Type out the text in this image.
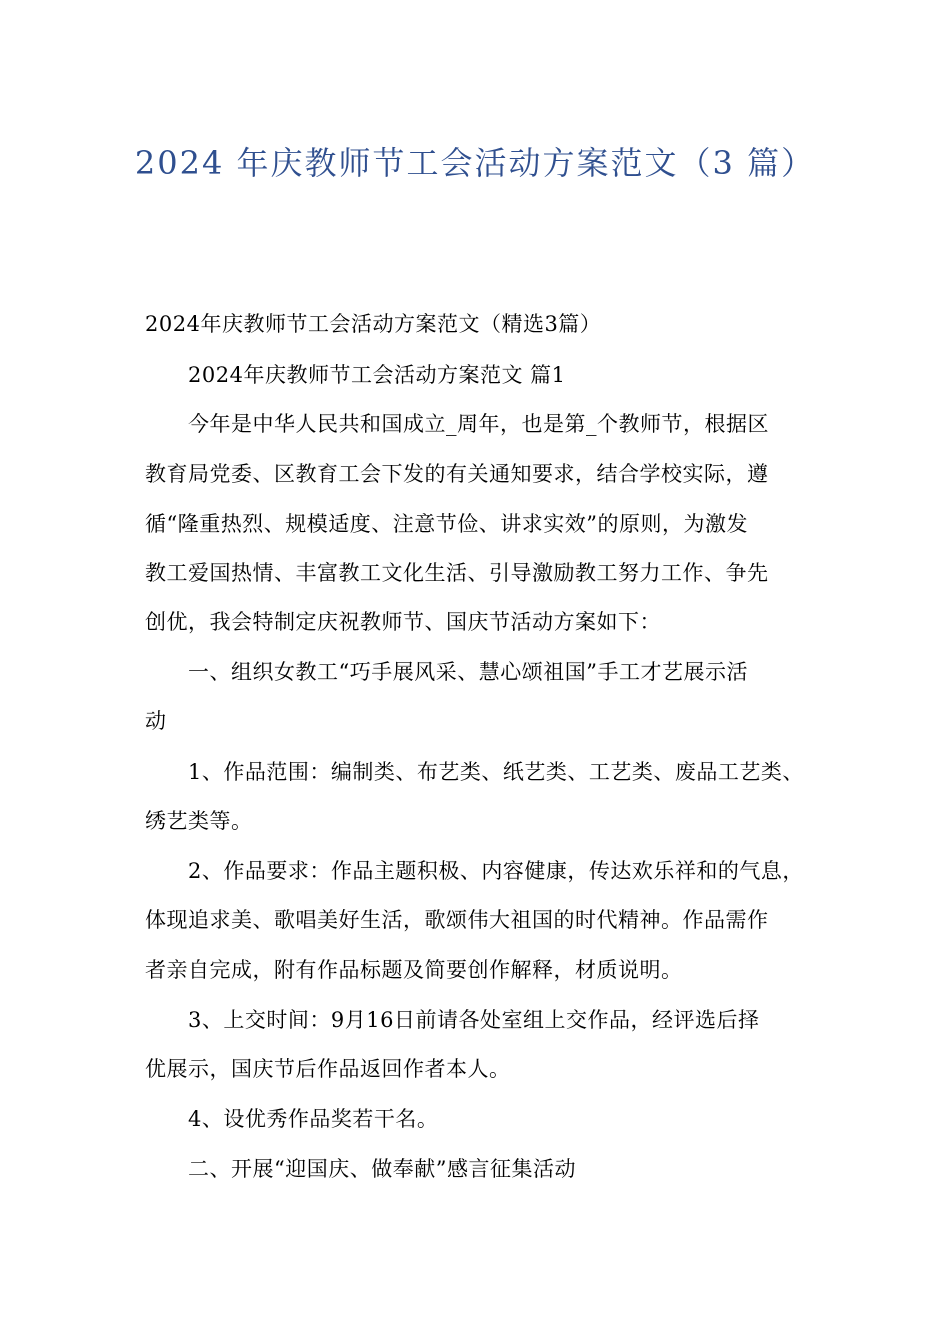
2024 年庆教师节工会活动方案范文（3 篇）
2024年庆教师节工会活动方案范文（精选3篇）
2024年庆教师节工会活动方案范文 篇1
今年是中华人民共和国成立_周年，也是第_个教师节，根据区
教育局党委、区教育工会下发的有关通知要求，结合学校实际，遵
循“隆重热烈、规模适度、注意节俭、讲求实效”的原则，为激发
教工爱国热情、丰富教工文化生活、引导激励教工努力工作、争先
创优，我会特制定庆祝教师节、国庆节活动方案如下：
一、组织女教工“巧手展风采、慧心颂祖国”手工才艺展示活
动
1、作品范围：编制类、布艺类、纸艺类、工艺类、废品工艺类、
绣艺类等。
2、作品要求：作品主题积极、内容健康，传达欢乐祥和的气息，
体现追求美、歌唱美好生活，歌颂伟大祖国的时代精神。作品需作
者亲自完成，附有作品标题及简要创作解释，材质说明。
3、上交时间：9月16日前请各处室组上交作品，经评选后择
优展示，国庆节后作品返回作者本人。
4、设优秀作品奖若干名。
二、开展“迎国庆、做奉献”感言征集活动
